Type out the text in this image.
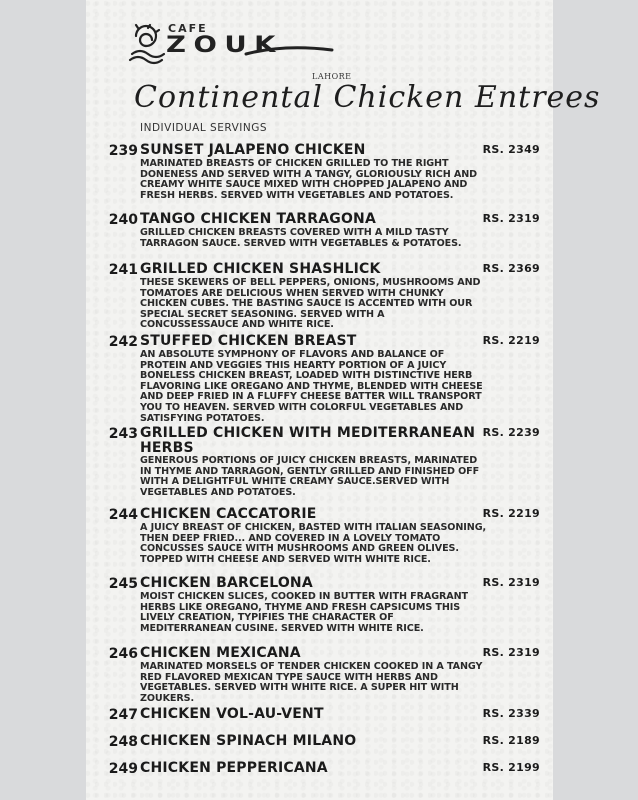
CAFE
ZOUK
LAHORE
Continental Chicken Entrees
INDIVIDUAL SERVINGS
239 SUNSET JALAPENO CHICKEN	RS. 2349
MARINATED BREASTS OF CHICKEN GRILLED TO THE RIGHT DONENESS AND SERVED WITH A TANGY, GLORIOUSLY RICH AND CREAMY WHITE SAUCE MIXED WITH CHOPPED JALAPENO AND FRESH HERBS. SERVED WITH VEGETABLES AND POTATOES.
240 TANGO CHICKEN TARRAGONA	RS. 2319
GRILLED CHICKEN BREASTS COVERED WITH A MILD TASTY TARRAGON SAUCE. SERVED WITH VEGETABLES & POTATOES.
241 GRILLED CHICKEN SHASHLICK	RS. 2369
THESE SKEWERS OF BELL PEPPERS, ONIONS, MUSHROOMS AND TOMATOES ARE DELICIOUS WHEN SERVED WITH CHUNKY CHICKEN CUBES. THE BASTING SAUCE IS ACCENTED WITH OUR SPECIAL SECRET SEASONING. SERVED WITH A CONCUSSESSAUCE AND WHITE RICE.
242 STUFFED CHICKEN BREAST	RS. 2219
AN ABSOLUTE SYMPHONY OF FLAVORS AND BALANCE OF PROTEIN AND VEGGIES THIS HEARTY PORTION OF A JUICY BONELESS CHICKEN BREAST, LOADED WITH DISTINCTIVE HERB FLAVORING LIKE OREGANO AND THYME, BLENDED WITH CHEESE AND DEEP FRIED IN A FLUFFY CHEESE BATTER WILL TRANSPORT YOU TO HEAVEN. SERVED WITH COLORFUL VEGETABLES AND SATISFYING POTATOES.
243 GRILLED CHICKEN WITH MEDITERRANEAN HERBS
RS. 2239
GENEROUS PORTIONS OF JUICY CHICKEN BREASTS, MARINATED IN THYME AND TARRAGON, GENTLY GRILLED AND FINISHED OFF WITH A DELIGHTFUL WHITE CREAMY SAUCE.SERVED WITH VEGETABLES AND POTATOES.
244 CHICKEN CACCATORIE	RS. 2219
A JUICY BREAST OF CHICKEN, BASTED WITH ITALIAN SEASONING, THEN DEEP FRIED... AND COVERED IN A LOVELY TOMATO CONCUSSES SAUCE WITH MUSHROOMS AND GREEN OLIVES. TOPPED WITH CHEESE AND SERVED WITH WHITE RICE.
245 CHICKEN BARCELONA	RS. 2319
MOIST CHICKEN SLICES, COOKED IN BUTTER WITH FRAGRANT HERBS LIKE OREGANO, THYME AND FRESH CAPSICUMS THIS LIVELY CREATION, TYPIFIES THE CHARACTER OF MEDITERRANEAN CUSINE. SERVED WITH WHITE RICE.
246 CHICKEN MEXICANA	RS. 2319
MARINATED MORSELS OF TENDER CHICKEN COOKED IN A TANGY RED FLAVORED MEXICAN TYPE SAUCE WITH HERBS AND VEGETABLES. SERVED WITH WHITE RICE. A SUPER HIT WITH ZOUKERS.
247 CHICKEN VOL-AU-VENT	RS. 2339
248 CHICKEN SPINACH MILANO	RS. 2189
249 CHICKEN PEPPERICANA	RS. 2199
